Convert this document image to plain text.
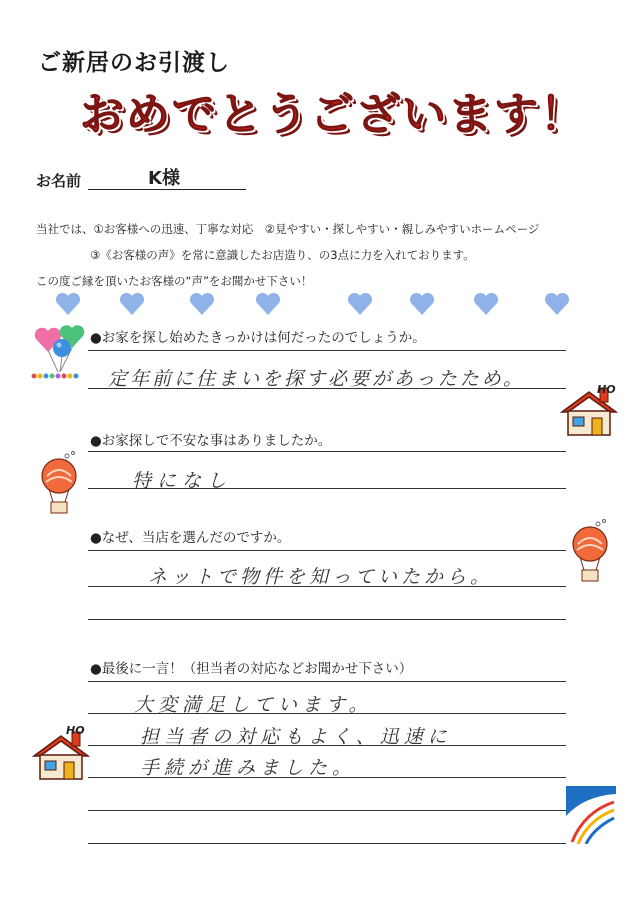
ご新居のお引渡し
おめでとうございます！
お名前	K様
当社では、①お客様への迅速、丁寧な対応　②見やすい・探しやすい・親しみやすいホームページ
③《お客様の声》を常に意識したお店造り、の3点に力を入れております。
この度ご縁を頂いたお客様の“声”をお聞かせ下さい！
●お家を探し始めたきっかけは何だったのでしょうか。
定年前に住まいを探す必要があったため。	HO
●お家探しで不安な事はありましたか。
特になし
●なぜ、当店を選んだのですか。
ネットで物件を知っていたから。
●最後に一言！（担当者の対応などお聞かせ下さい）
大変満足しています。
担当者の対応もよく、迅速に
手続が進みました。
HO
